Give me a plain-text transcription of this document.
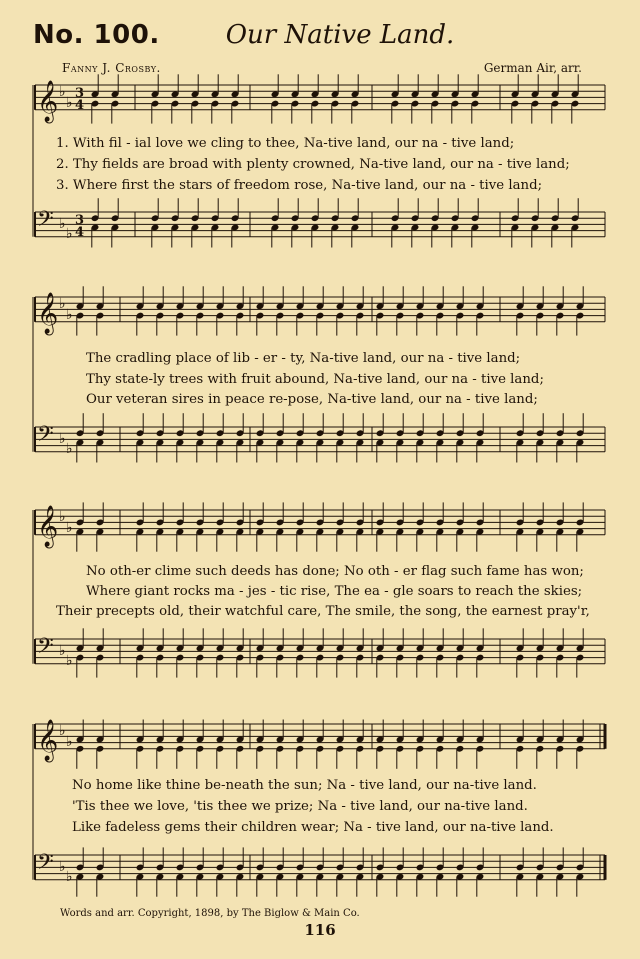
No. 100.	Our Native Land.
Fanny J. Crosby.	German Air, arr.
𝄞 ♭
♭
3
4
𝄢 ♭
♭
3
4
𝄞 ♭
♭
𝄢 ♭
♭
𝄞 ♭
♭
𝄢 ♭
♭
𝄞 ♭
♭
𝄢 ♭
♭
1. With fil - ial love we cling to thee, Na-tive land, our na - tive land;
2. Thy fields are broad with plenty crowned, Na-tive land, our na - tive land;
3. Where first the stars of freedom rose, Na-tive land, our na - tive land;
The cradling place of lib - er - ty, Na-tive land, our na - tive land;
Thy state-ly trees with fruit abound, Na-tive land, our na - tive land;
Our veteran sires in peace re-pose, Na-tive land, our na - tive land;
No oth-er clime such deeds has done; No oth - er flag such fame has won;
Where giant rocks ma - jes - tic rise, The ea - gle soars to reach the skies;
Their precepts old, their watchful care, The smile, the song, the earnest pray'r,
No home like thine be-neath the sun; Na - tive land, our na-tive land.
'Tis thee we love, 'tis thee we prize; Na - tive land, our na-tive land.
Like fadeless gems their children wear; Na - tive land, our na-tive land.
Words and arr. Copyright, 1898, by The Biglow & Main Co.
116
